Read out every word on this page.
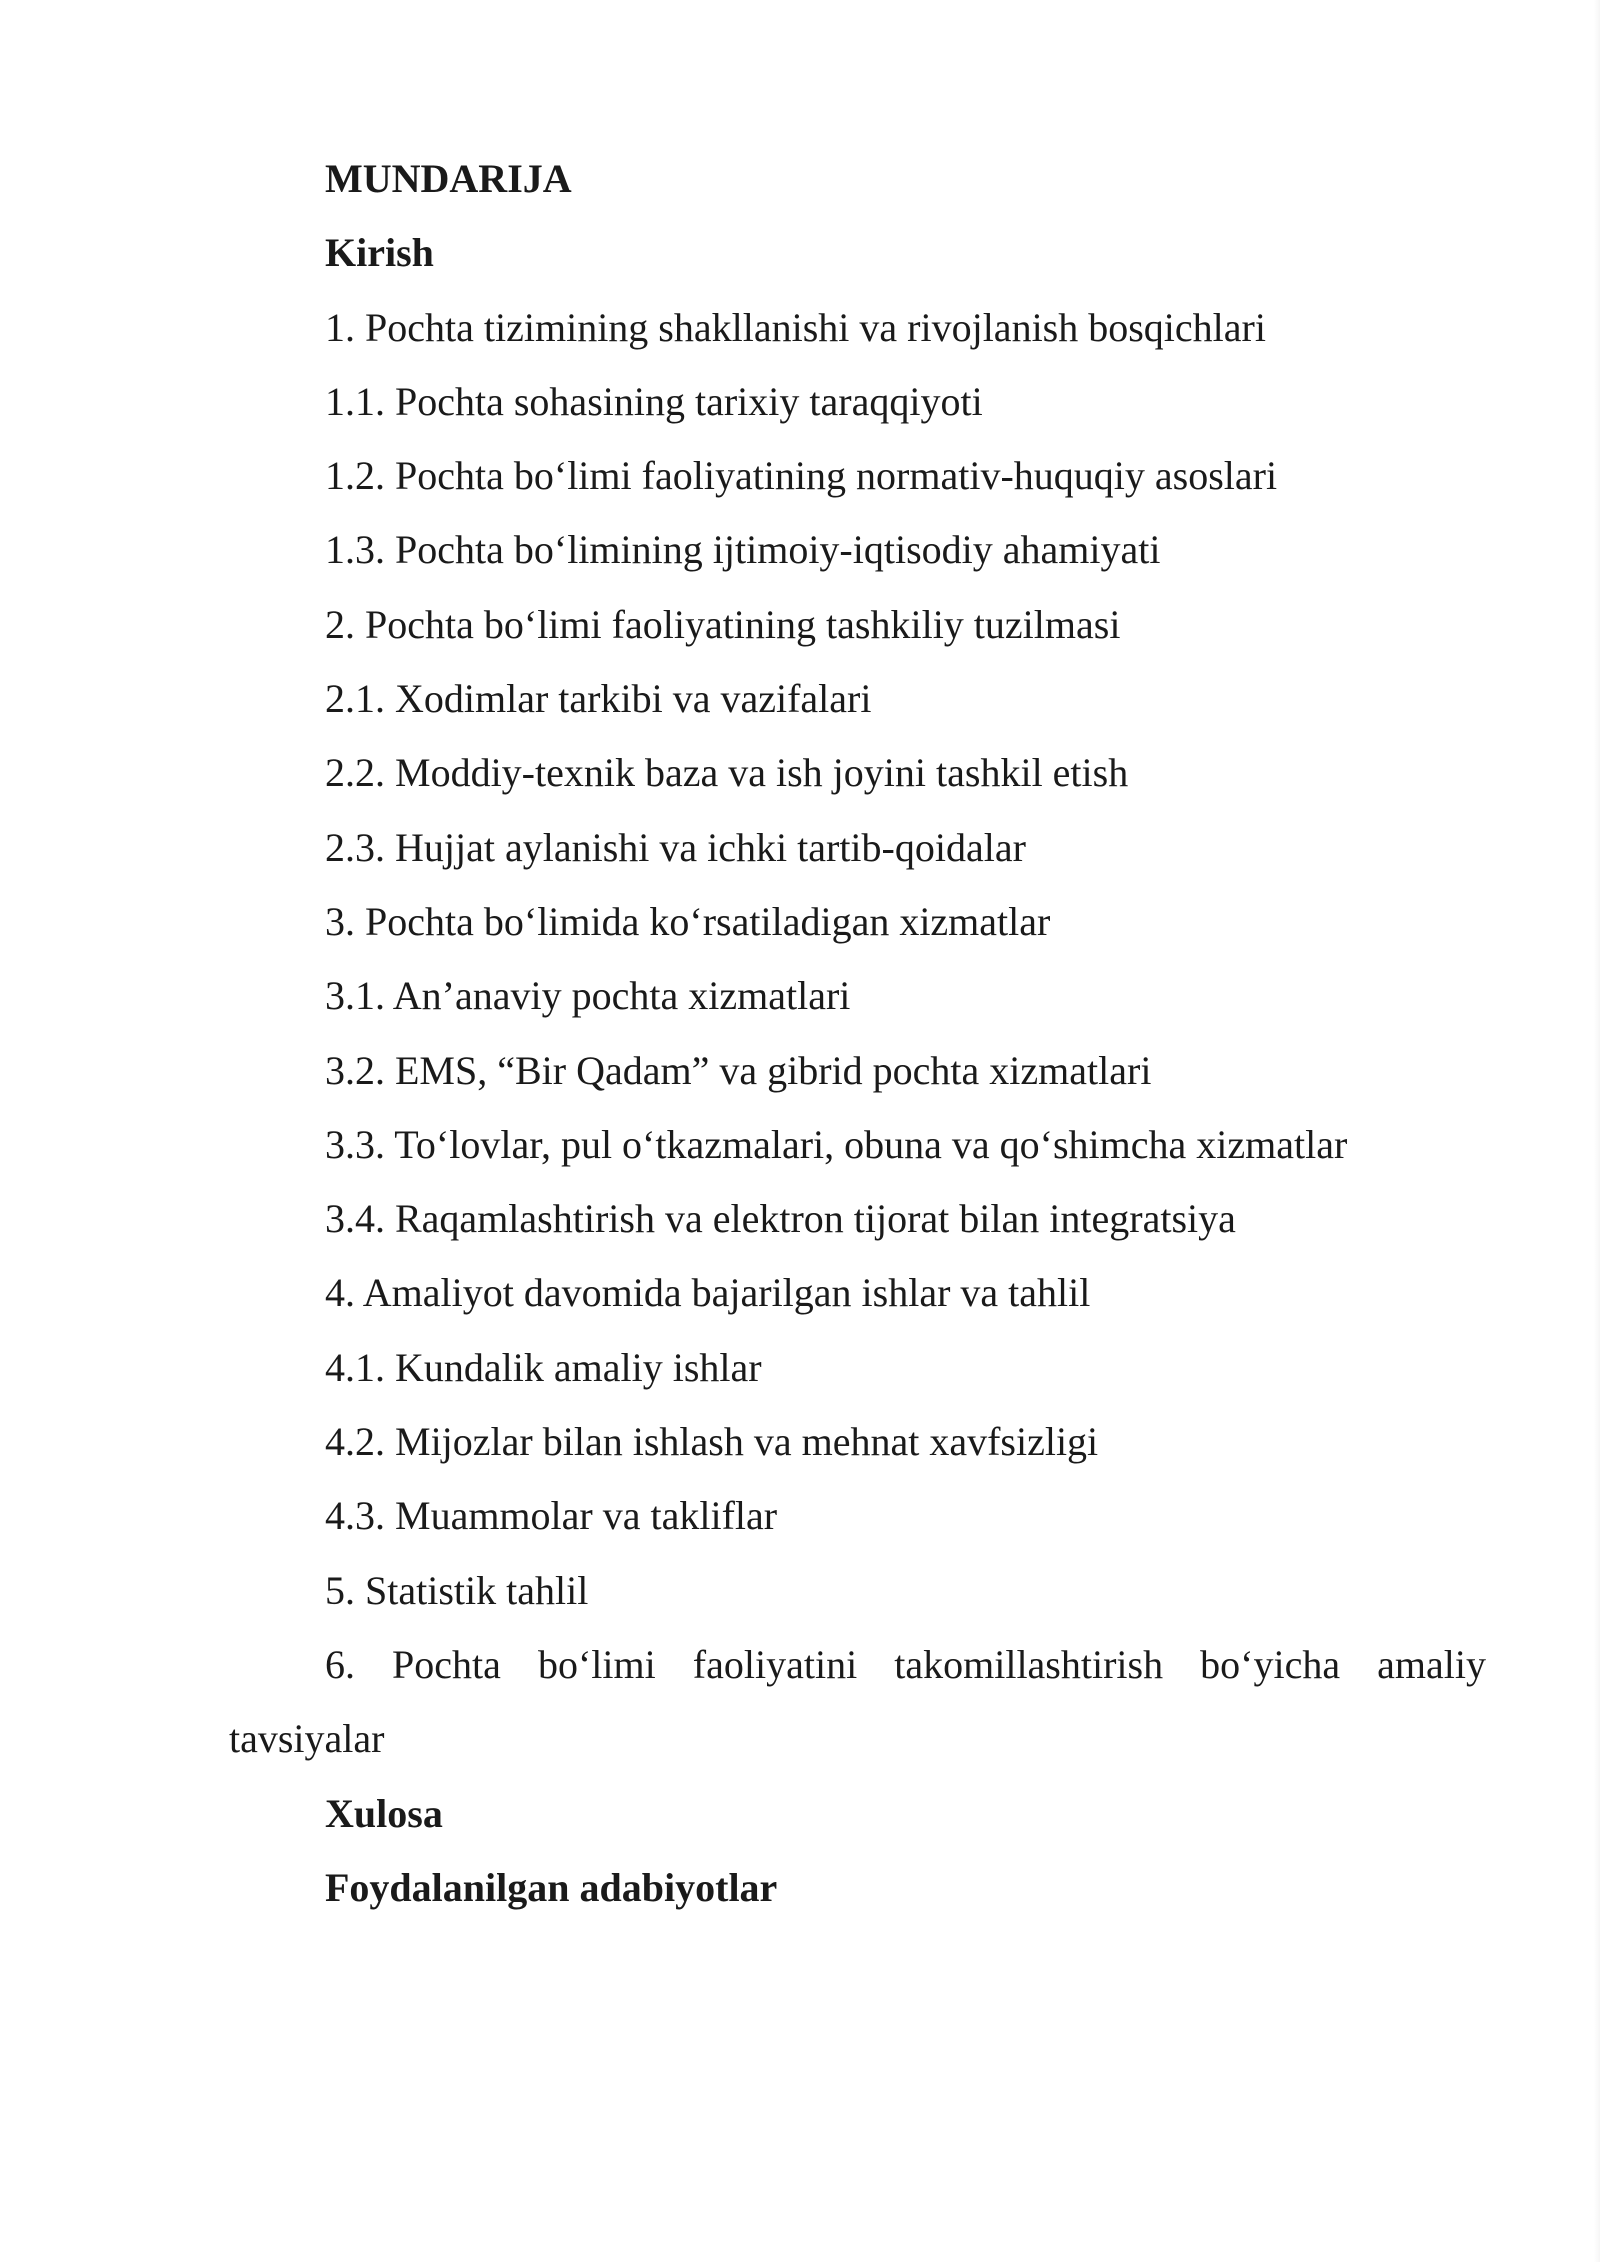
MUNDARIJA
Kirish
1. Pochta tizimining shakllanishi va rivojlanish bosqichlari
1.1. Pochta sohasining tarixiy taraqqiyoti
1.2. Pochta bo‘limi faoliyatining normativ-huquqiy asoslari
1.3. Pochta bo‘limining ijtimoiy-iqtisodiy ahamiyati
2. Pochta bo‘limi faoliyatining tashkiliy tuzilmasi
2.1. Xodimlar tarkibi va vazifalari
2.2. Moddiy-texnik baza va ish joyini tashkil etish
2.3. Hujjat aylanishi va ichki tartib-qoidalar
3. Pochta bo‘limida ko‘rsatiladigan xizmatlar
3.1. An’anaviy pochta xizmatlari
3.2. EMS, “Bir Qadam” va gibrid pochta xizmatlari
3.3. To‘lovlar, pul o‘tkazmalari, obuna va qo‘shimcha xizmatlar
3.4. Raqamlashtirish va elektron tijorat bilan integratsiya
4. Amaliyot davomida bajarilgan ishlar va tahlil
4.1. Kundalik amaliy ishlar
4.2. Mijozlar bilan ishlash va mehnat xavfsizligi
4.3. Muammolar va takliflar
5. Statistik tahlil
6. Pochta bo‘limi faoliyatini takomillashtirish bo‘yicha amaliy tavsiyalar
Xulosa
Foydalanilgan adabiyotlar
